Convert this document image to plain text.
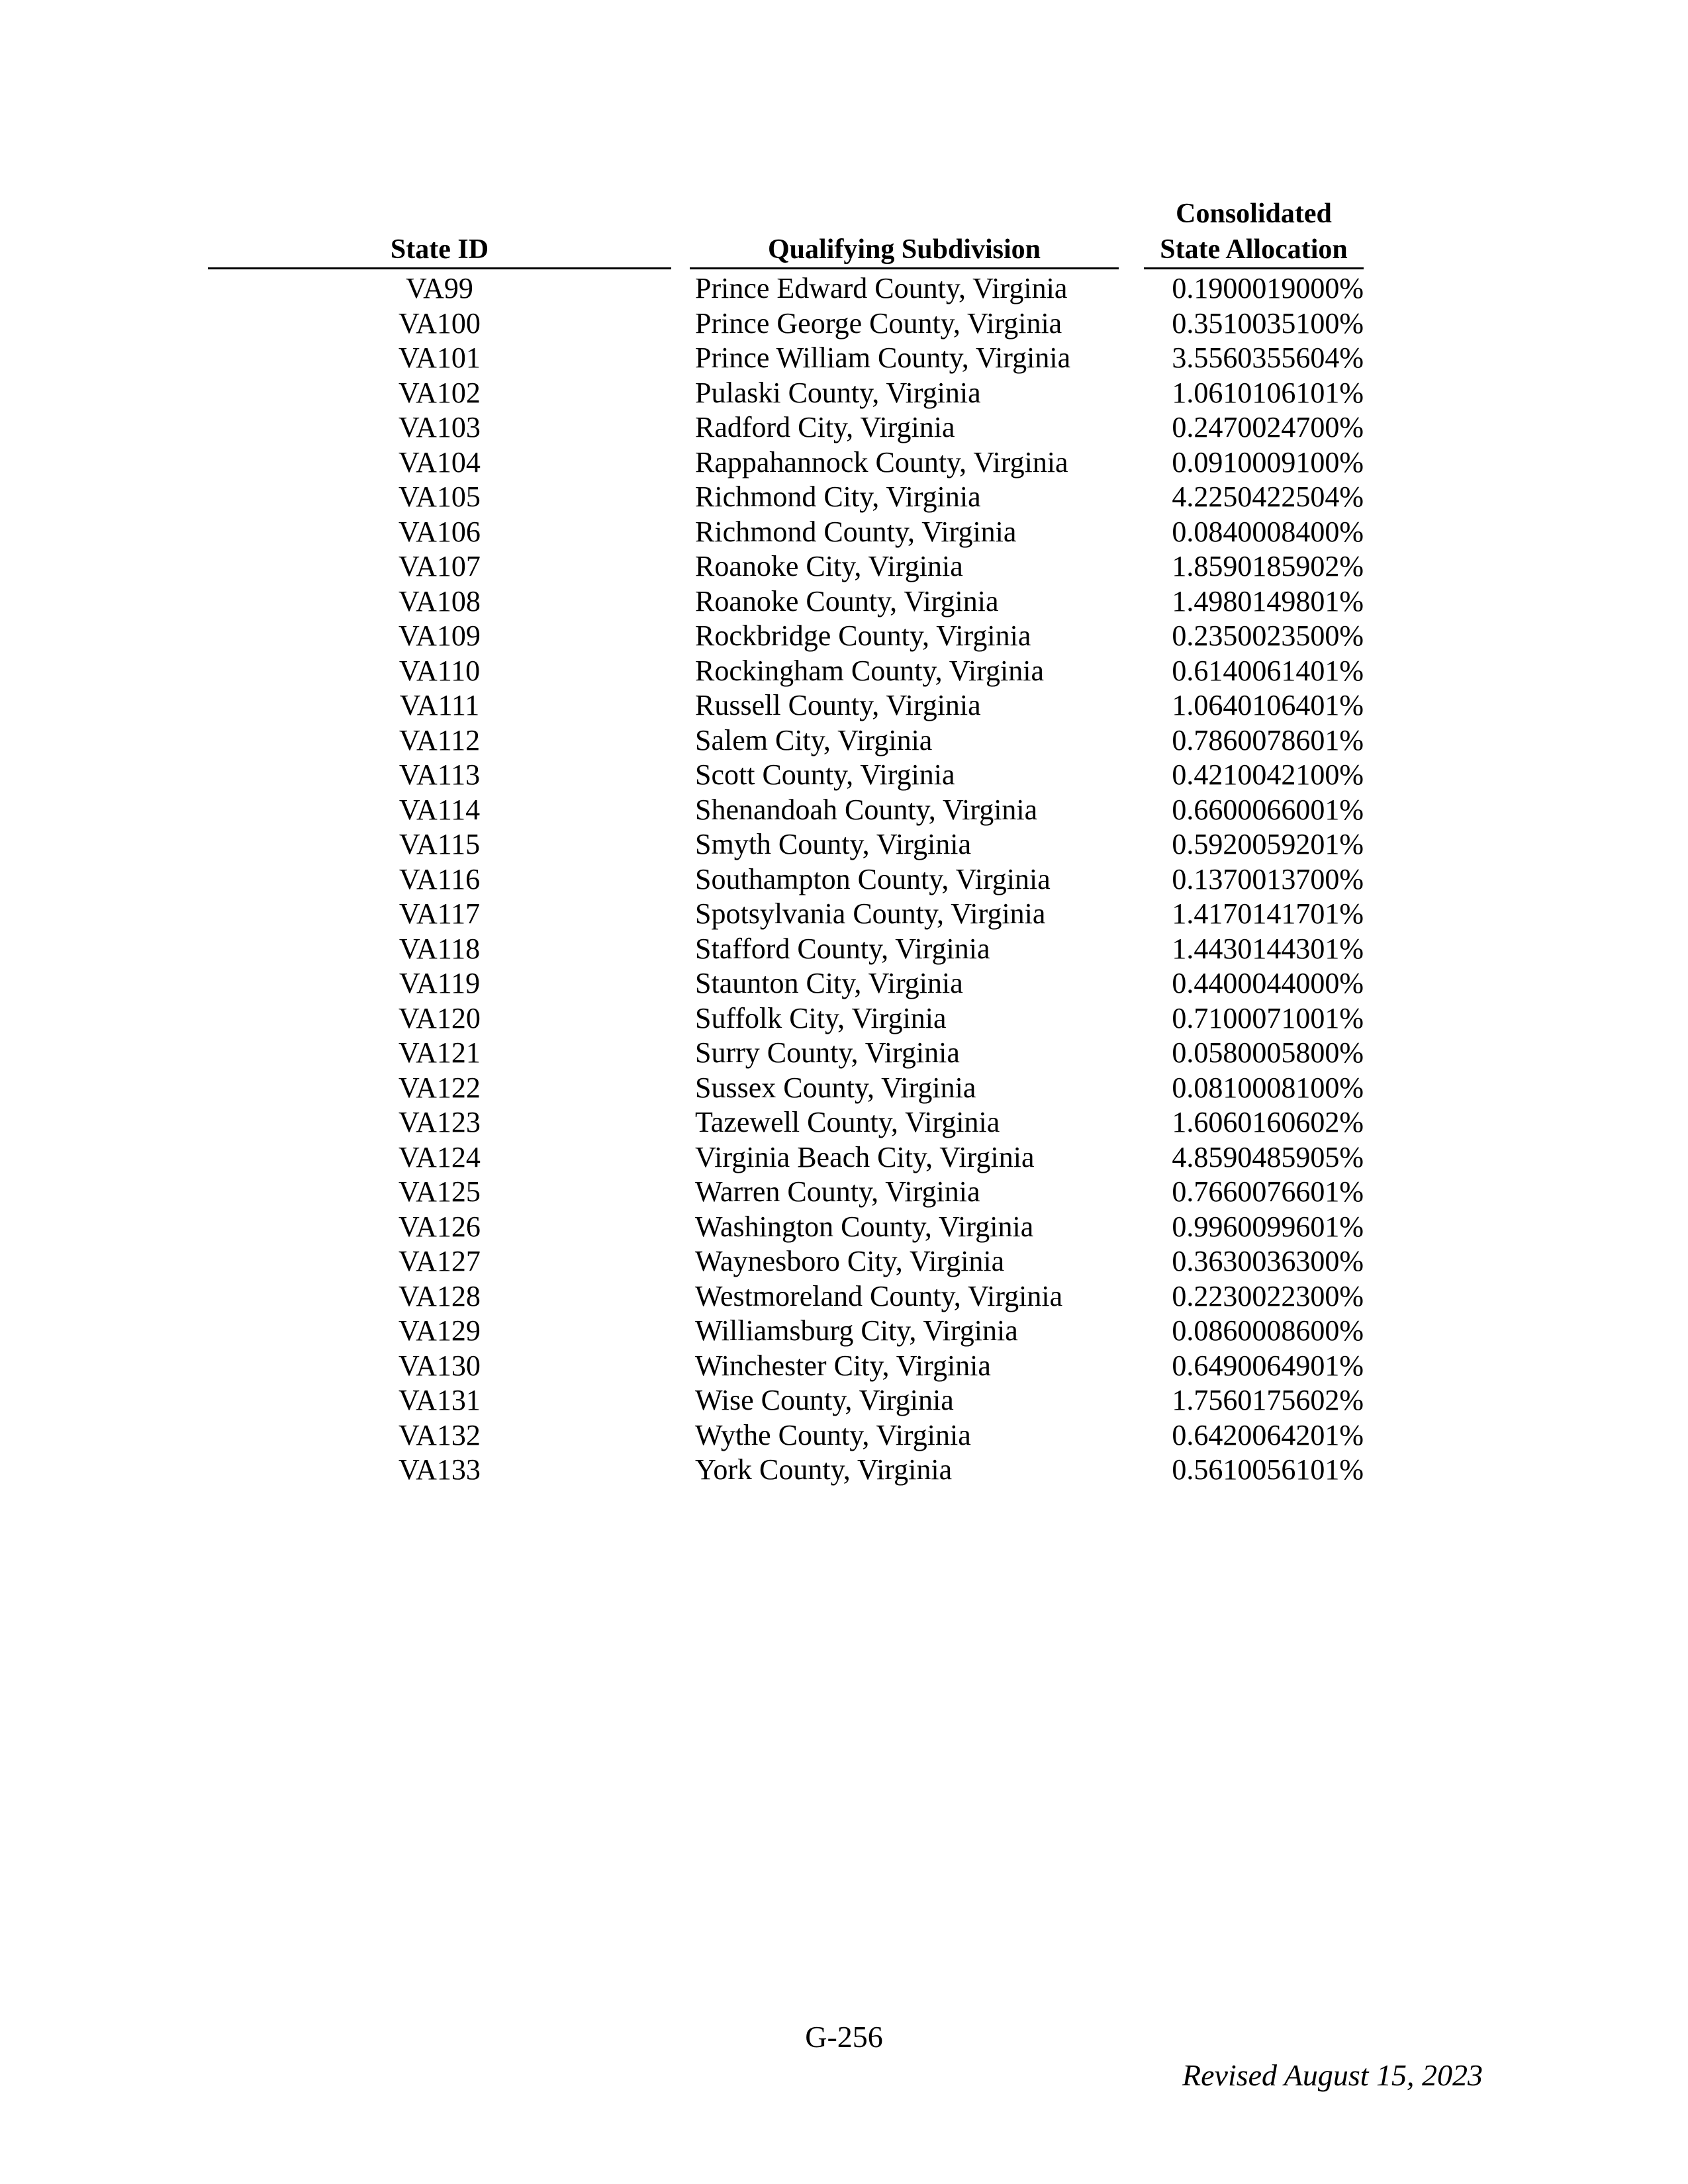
State ID	Qualifying Subdivision
Consolidated
State Allocation
VA99	Prince Edward County, Virginia	0.1900019000%
VA100	Prince George County, Virginia	0.3510035100%
VA101	Prince William County, Virginia	3.5560355604%
VA102	Pulaski County, Virginia	1.0610106101%
VA103	Radford City, Virginia	0.2470024700%
VA104	Rappahannock County, Virginia	0.0910009100%
VA105	Richmond City, Virginia	4.2250422504%
VA106	Richmond County, Virginia	0.0840008400%
VA107	Roanoke City, Virginia	1.8590185902%
VA108	Roanoke County, Virginia	1.4980149801%
VA109	Rockbridge County, Virginia	0.2350023500%
VA110	Rockingham County, Virginia	0.6140061401%
VA111	Russell County, Virginia	1.0640106401%
VA112	Salem City, Virginia	0.7860078601%
VA113	Scott County, Virginia	0.4210042100%
VA114	Shenandoah County, Virginia	0.6600066001%
VA115	Smyth County, Virginia	0.5920059201%
VA116	Southampton County, Virginia	0.1370013700%
VA117	Spotsylvania County, Virginia	1.4170141701%
VA118	Stafford County, Virginia	1.4430144301%
VA119	Staunton City, Virginia	0.4400044000%
VA120	Suffolk City, Virginia	0.7100071001%
VA121	Surry County, Virginia	0.0580005800%
VA122	Sussex County, Virginia	0.0810008100%
VA123	Tazewell County, Virginia	1.6060160602%
VA124	Virginia Beach City, Virginia	4.8590485905%
VA125	Warren County, Virginia	0.7660076601%
VA126	Washington County, Virginia	0.9960099601%
VA127	Waynesboro City, Virginia	0.3630036300%
VA128	Westmoreland County, Virginia	0.2230022300%
VA129	Williamsburg City, Virginia	0.0860008600%
VA130	Winchester City, Virginia	0.6490064901%
VA131	Wise County, Virginia	1.7560175602%
VA132	Wythe County, Virginia	0.6420064201%
VA133	York County, Virginia	0.5610056101%
G-256
Revised August 15, 2023
